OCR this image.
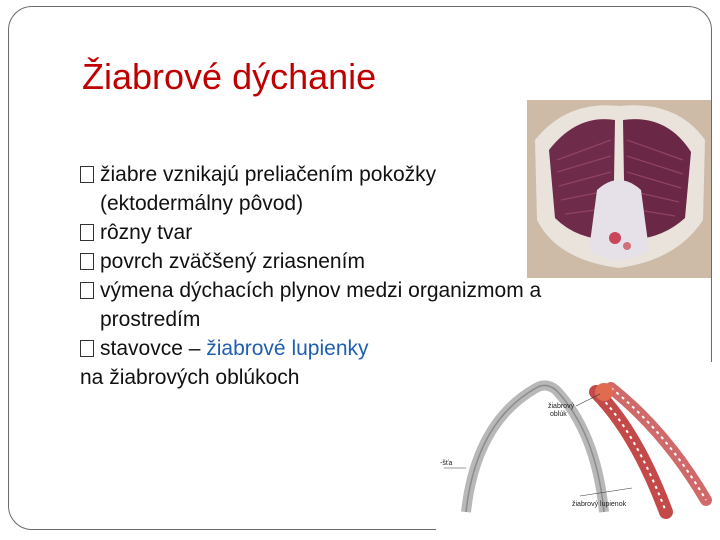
Žiabrové dýchanie
žiabre vznikajú preliačením pokožky
(ektodermálny pôvod)
rôzny tvar
povrch zväčšený zriasnením
výmena dýchacích plynov medzi organizmom a
prostredím
stavovce – žiabrové lupienky
na žiabrových oblúkoch
žiabrový
oblúk
žiabrový lupienok
-šťa
